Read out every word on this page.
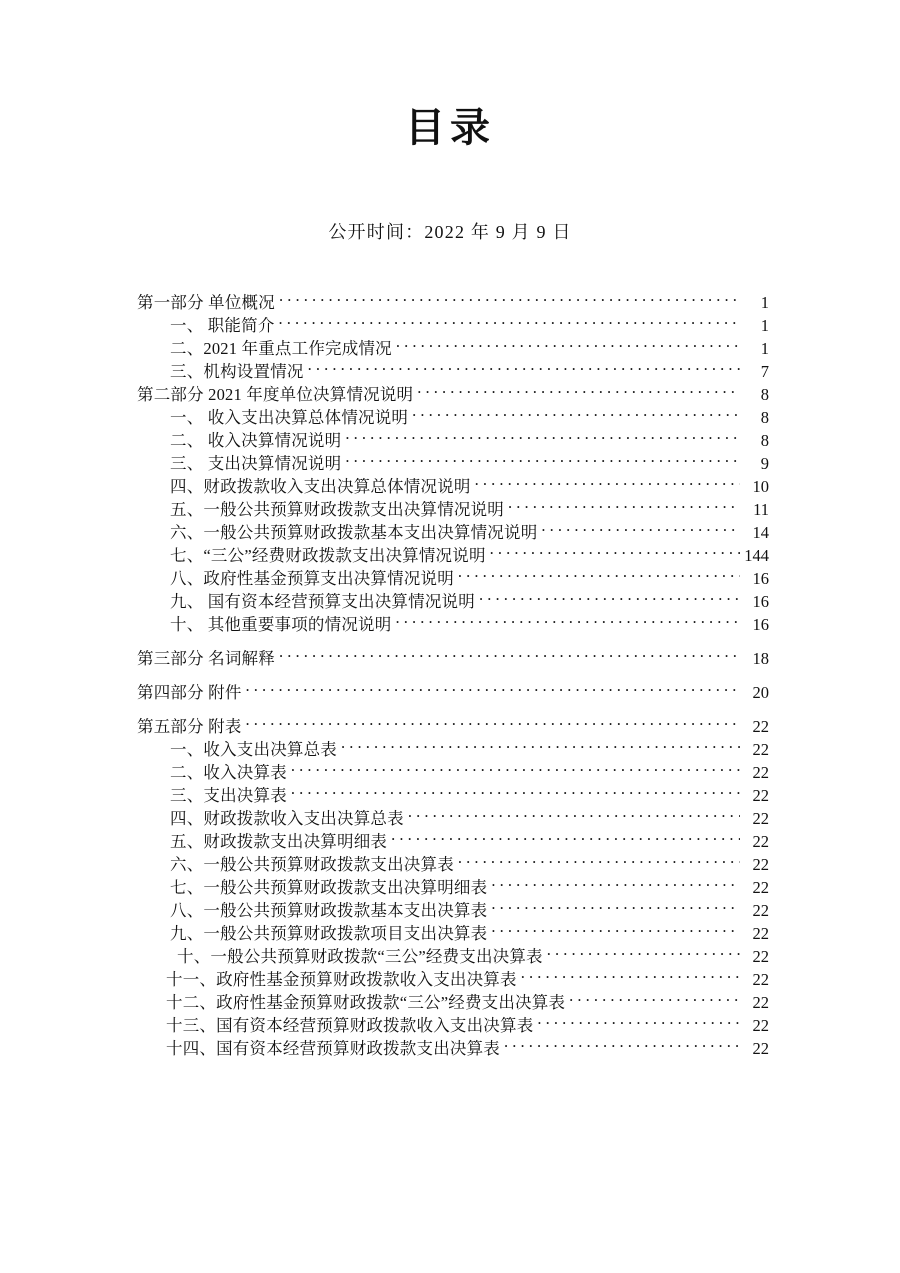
目录
公开时间：2022 年 9 月 9 日
第一部分 单位概况 . . .	1
一、 职能简介 . . .	1
二、2021 年重点工作完成情况 . . .	1
三、机构设置情况 . . .	7
第二部分 2021 年度单位决算情况说明 . . .	8
一、 收入支出决算总体情况说明 . . .	8
二、 收入决算情况说明 . . .	8
三、 支出决算情况说明 . . .	9
四、财政拨款收入支出决算总体情况说明 . . .	10
五、一般公共预算财政拨款支出决算情况说明 . . .	11
六、一般公共预算财政拨款基本支出决算情况说明 . . .	14
七、“三公”经费财政拨款支出决算情况说明 . . .	144
八、政府性基金预算支出决算情况说明 . . .	16
九、 国有资本经营预算支出决算情况说明 . . .	16
十、 其他重要事项的情况说明 . . .	16
第三部分 名词解释 . . .	18
第四部分 附件 . . .	20
第五部分 附表 . . .	22
一、收入支出决算总表 . . .	22
二、收入决算表 . . .	22
三、支出决算表 . . .	22
四、财政拨款收入支出决算总表 . . .	22
五、财政拨款支出决算明细表 . . .	22
六、一般公共预算财政拨款支出决算表 . . .	22
七、一般公共预算财政拨款支出决算明细表 . . .	22
八、一般公共预算财政拨款基本支出决算表 . . .	22
九、一般公共预算财政拨款项目支出决算表 . . .	22
十、一般公共预算财政拨款“三公”经费支出决算表 . . .	22
十一、政府性基金预算财政拨款收入支出决算表 . . .	22
十二、政府性基金预算财政拨款“三公”经费支出决算表 . . .	22
十三、国有资本经营预算财政拨款收入支出决算表 . . .	22
十四、国有资本经营预算财政拨款支出决算表 . . .	22
